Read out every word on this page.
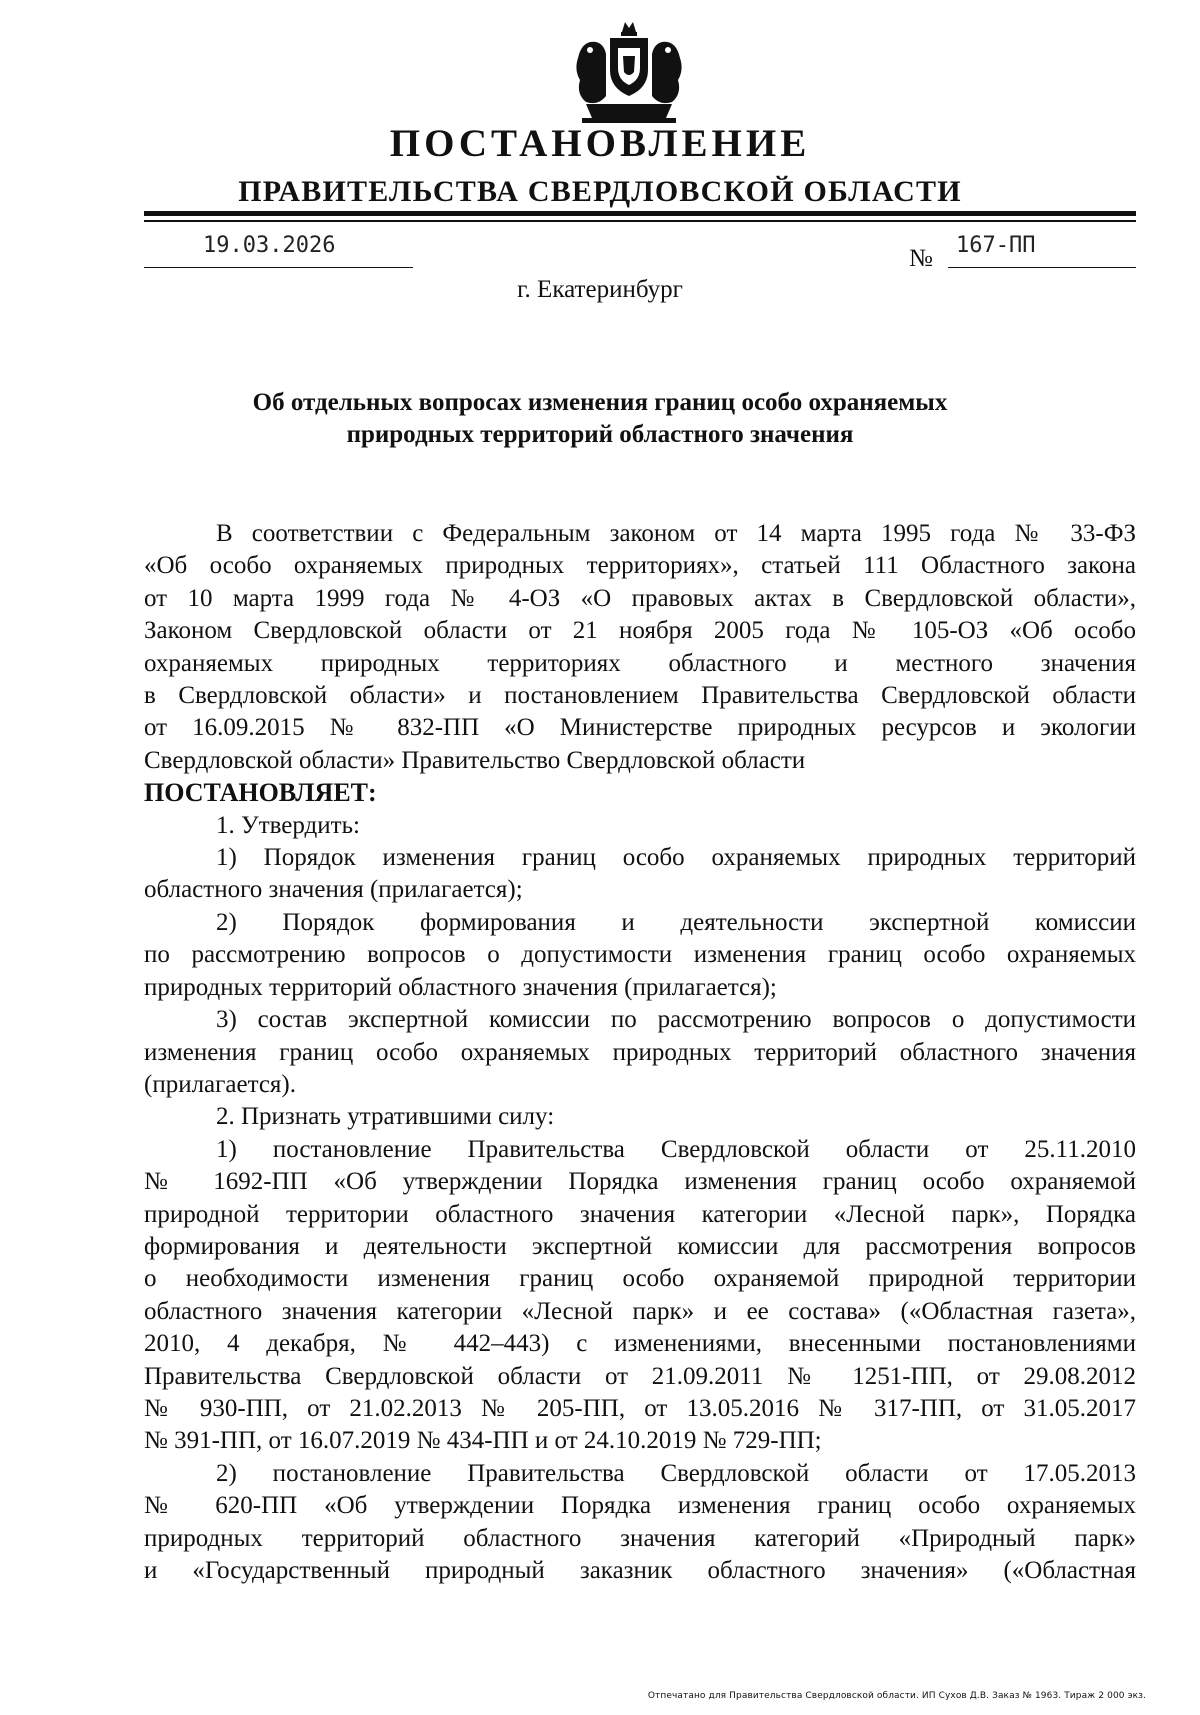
ПОСТАНОВЛЕНИЕ
ПРАВИТЕЛЬСТВА СВЕРДЛОВСКОЙ ОБЛАСТИ
19.03.2026	№ 167-ПП
г. Екатеринбург
Об отдельных вопросах изменения границ особо охраняемых
природных территорий областного значения

В соответствии с Федеральным законом от 14 марта 1995 года № 33-ФЗ

«Об особо охраняемых природных территориях», статьей 111 Областного закона

от 10 марта 1999 года № 4-ОЗ «О правовых актах в Свердловской области»,

Законом Свердловской области от 21 ноября 2005 года № 105-ОЗ «Об особо

охраняемых природных территориях областного и местного значения

в Свердловской области» и постановлением Правительства Свердловской области

от 16.09.2015 № 832-ПП «О Министерстве природных ресурсов и экологии

Свердловской области» Правительство Свердловской области

ПОСТАНОВЛЯЕТ:

1. Утвердить:

1) Порядок изменения границ особо охраняемых природных территорий

областного значения (прилагается);

2) Порядок формирования и деятельности экспертной комиссии

по рассмотрению вопросов о допустимости изменения границ особо охраняемых

природных территорий областного значения (прилагается);

3) состав экспертной комиссии по рассмотрению вопросов о допустимости

изменения границ особо охраняемых природных территорий областного значения

(прилагается).

2. Признать утратившими силу:

1) постановление Правительства Свердловской области от 25.11.2010

№ 1692-ПП «Об утверждении Порядка изменения границ особо охраняемой

природной территории областного значения категории «Лесной парк», Порядка

формирования и деятельности экспертной комиссии для рассмотрения вопросов

о необходимости изменения границ особо охраняемой природной территории

областного значения категории «Лесной парк» и ее состава» («Областная газета»,

2010, 4 декабря, № 442–443) с изменениями, внесенными постановлениями

Правительства Свердловской области от 21.09.2011 № 1251-ПП, от 29.08.2012

№ 930-ПП, от 21.02.2013 № 205-ПП, от 13.05.2016 № 317-ПП, от 31.05.2017

№ 391-ПП, от 16.07.2019 № 434-ПП и от 24.10.2019 № 729-ПП;

2) постановление Правительства Свердловской области от 17.05.2013

№ 620-ПП «Об утверждении Порядка изменения границ особо охраняемых

природных территорий областного значения категорий «Природный парк»

и «Государственный природный заказник областного значения» («Областная

Отпечатано для Правительства Свердловской области. ИП Сухов Д.В. Заказ № 1963. Тираж 2 000 экз.
